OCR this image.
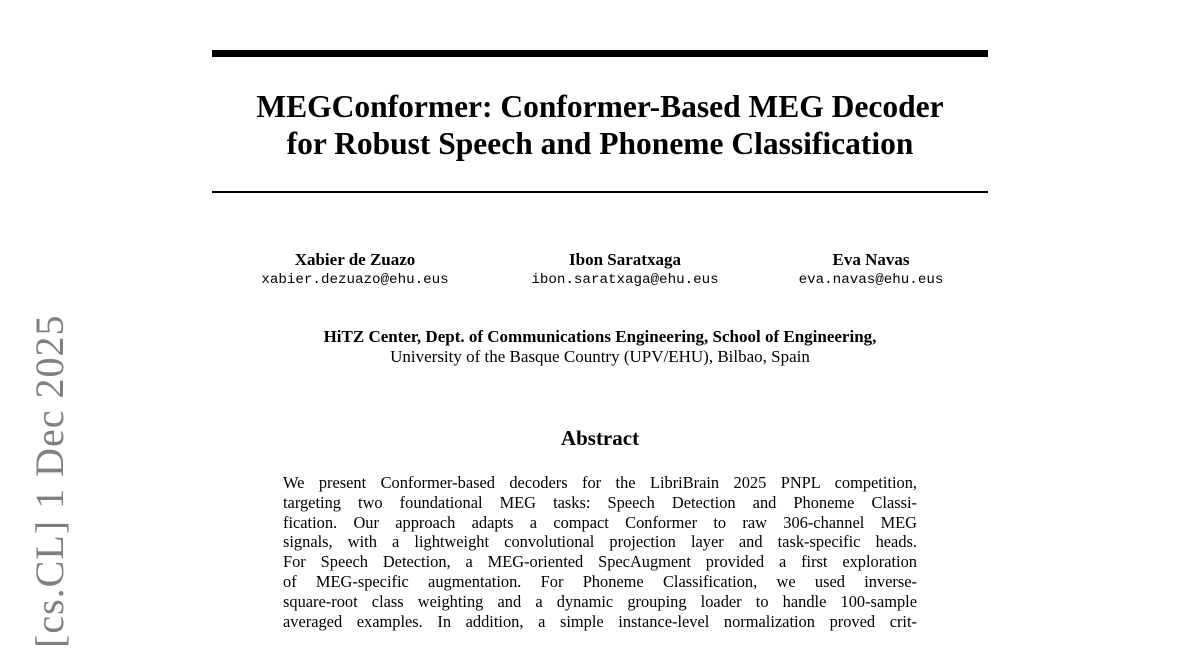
MEGConformer: Conformer-Based MEG Decoder
for Robust Speech and Phoneme Classification
Xabier de Zuazo
xabier.dezuazo@ehu.eus
Ibon Saratxaga
ibon.saratxaga@ehu.eus
Eva Navas
eva.navas@ehu.eus
HiTZ Center, Dept. of Communications Engineering, School of Engineering,
University of the Basque Country (UPV/EHU), Bilbao, Spain
Abstract
We present Conformer-based decoders for the LibriBrain 2025 PNPL competition,
targeting two foundational MEG tasks: Speech Detection and Phoneme Classi-
fication. Our approach adapts a compact Conformer to raw 306-channel MEG
signals, with a lightweight convolutional projection layer and task-specific heads.
For Speech Detection, a MEG-oriented SpecAugment provided a first exploration
of MEG-specific augmentation. For Phoneme Classification, we used inverse-
square-root class weighting and a dynamic grouping loader to handle 100-sample
averaged examples. In addition, a simple instance-level normalization proved crit-
[cs.CL] 1 Dec 2025
